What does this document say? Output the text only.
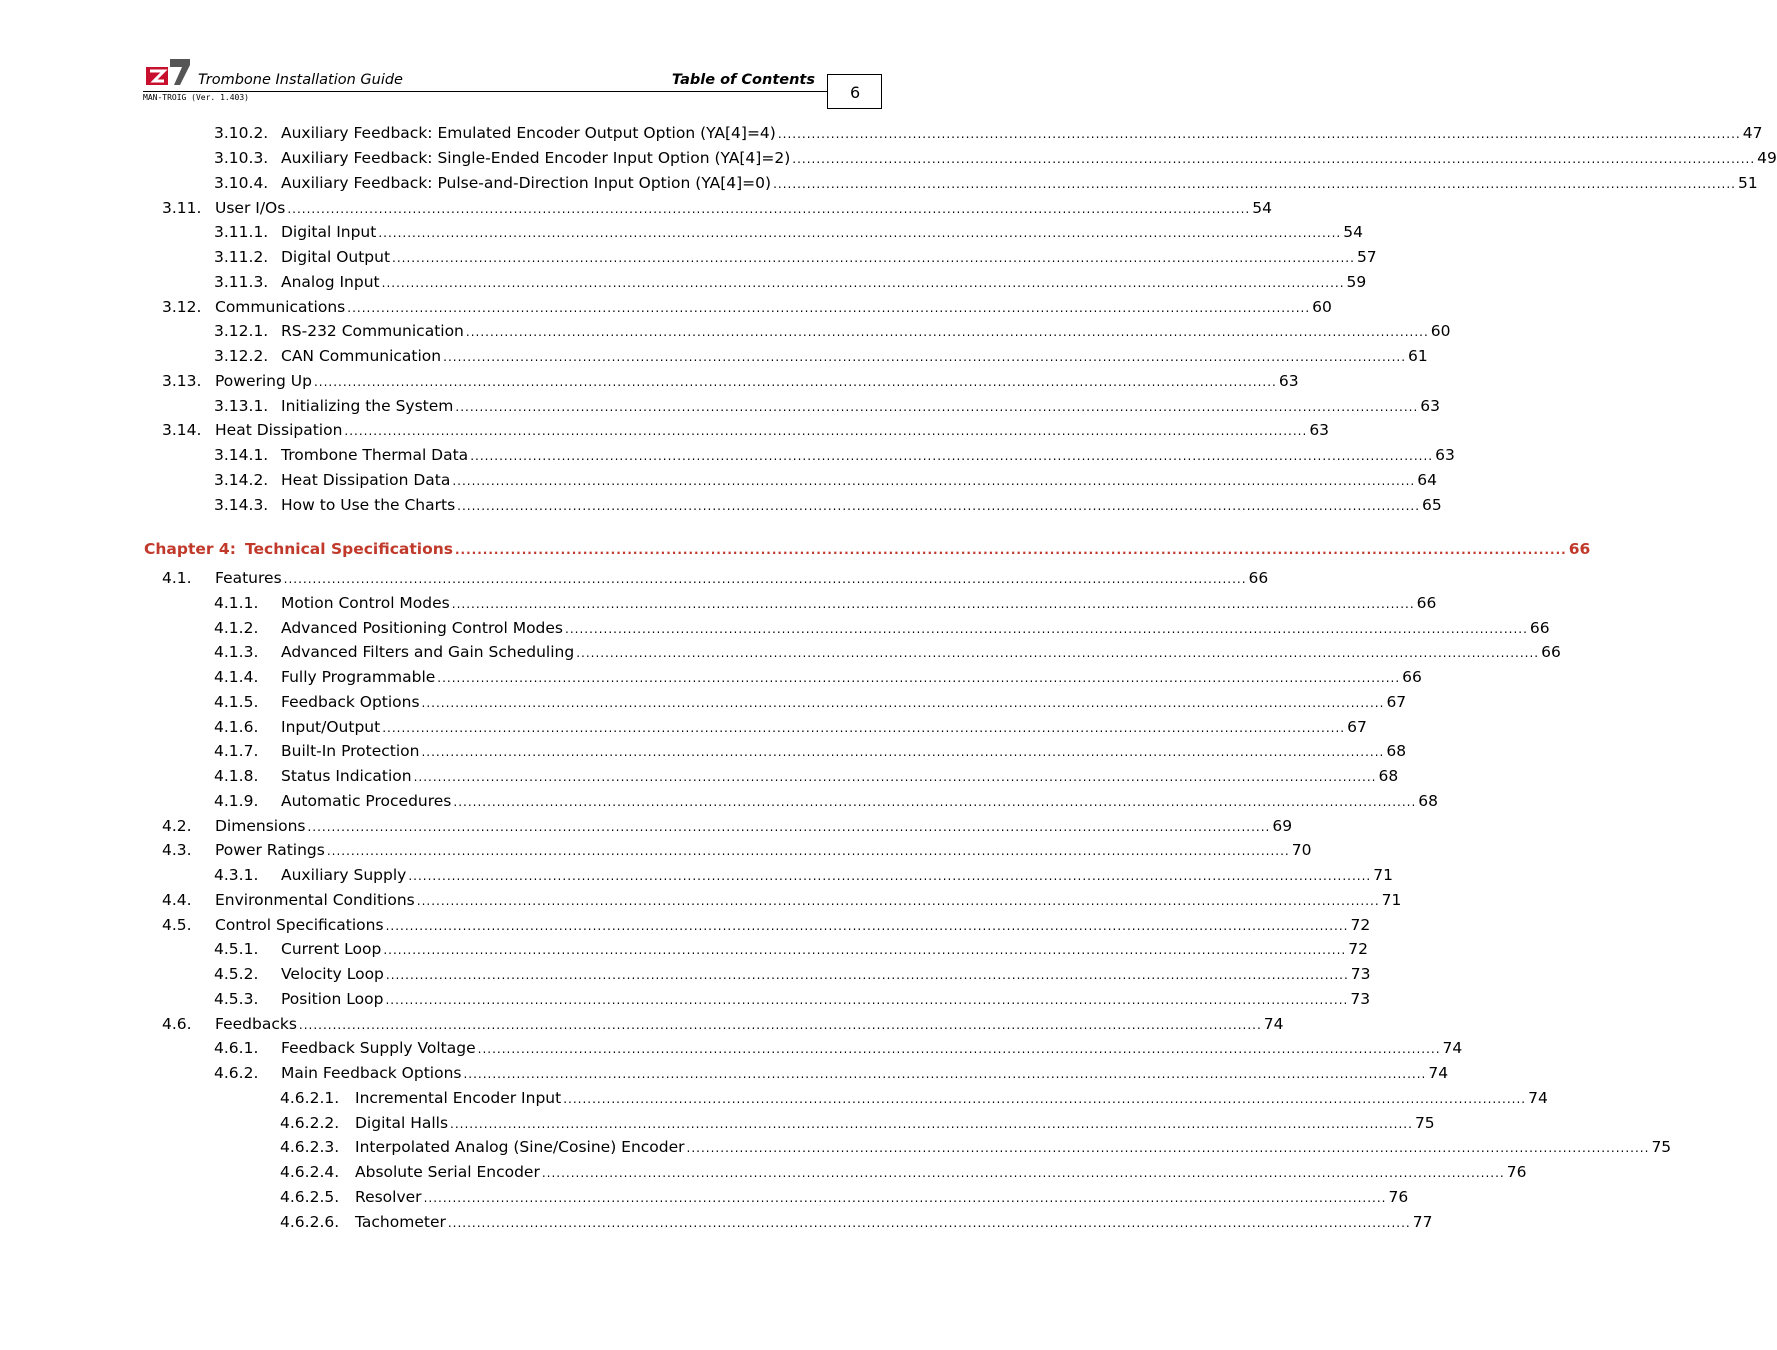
Trombone Installation Guide	Table of Contents
MAN-TROIG (Ver. 1.403)	6
3.10.2. Auxiliary Feedback: Emulated Encoder Output Option (YA[4]=4) ........................................................................................................................................................................................................ 47
3.10.3. Auxiliary Feedback: Single-Ended Encoder Input Option (YA[4]=2) ........................................................................................................................................................................................................ 49
3.10.4. Auxiliary Feedback: Pulse-and-Direction Input Option (YA[4]=0) ........................................................................................................................................................................................................ 51
3.11. User I/Os ........................................................................................................................................................................................................ 54
3.11.1. Digital Input ........................................................................................................................................................................................................ 54
3.11.2. Digital Output ........................................................................................................................................................................................................ 57
3.11.3. Analog Input ........................................................................................................................................................................................................ 59
3.12. Communications ........................................................................................................................................................................................................ 60
3.12.1. RS-232 Communication ........................................................................................................................................................................................................ 60
3.12.2. CAN Communication ........................................................................................................................................................................................................ 61
3.13. Powering Up ........................................................................................................................................................................................................ 63
3.13.1. Initializing the System ........................................................................................................................................................................................................ 63
3.14. Heat Dissipation ........................................................................................................................................................................................................ 63
3.14.1. Trombone Thermal Data ........................................................................................................................................................................................................ 63
3.14.2. Heat Dissipation Data ........................................................................................................................................................................................................ 64
3.14.3. How to Use the Charts ........................................................................................................................................................................................................ 65
Chapter 4: Technical Specifications ........................................................................................................................................................................................................ 66
4.1. Features ........................................................................................................................................................................................................ 66
4.1.1. Motion Control Modes ........................................................................................................................................................................................................ 66
4.1.2. Advanced Positioning Control Modes ........................................................................................................................................................................................................ 66
4.1.3. Advanced Filters and Gain Scheduling ........................................................................................................................................................................................................ 66
4.1.4. Fully Programmable ........................................................................................................................................................................................................ 66
4.1.5. Feedback Options ........................................................................................................................................................................................................ 67
4.1.6. Input/Output ........................................................................................................................................................................................................ 67
4.1.7. Built-In Protection ........................................................................................................................................................................................................ 68
4.1.8. Status Indication ........................................................................................................................................................................................................ 68
4.1.9. Automatic Procedures ........................................................................................................................................................................................................ 68
4.2. Dimensions ........................................................................................................................................................................................................ 69
4.3. Power Ratings ........................................................................................................................................................................................................ 70
4.3.1. Auxiliary Supply ........................................................................................................................................................................................................ 71
4.4. Environmental Conditions ........................................................................................................................................................................................................ 71
4.5. Control Specifications ........................................................................................................................................................................................................ 72
4.5.1. Current Loop ........................................................................................................................................................................................................ 72
4.5.2. Velocity Loop ........................................................................................................................................................................................................ 73
4.5.3. Position Loop ........................................................................................................................................................................................................ 73
4.6. Feedbacks ........................................................................................................................................................................................................ 74
4.6.1. Feedback Supply Voltage ........................................................................................................................................................................................................ 74
4.6.2. Main Feedback Options ........................................................................................................................................................................................................ 74
4.6.2.1. Incremental Encoder Input ........................................................................................................................................................................................................ 74
4.6.2.2. Digital Halls ........................................................................................................................................................................................................ 75
4.6.2.3. Interpolated Analog (Sine/Cosine) Encoder ........................................................................................................................................................................................................ 75
4.6.2.4. Absolute Serial Encoder ........................................................................................................................................................................................................ 76
4.6.2.5. Resolver ........................................................................................................................................................................................................ 76
4.6.2.6. Tachometer ........................................................................................................................................................................................................ 77
